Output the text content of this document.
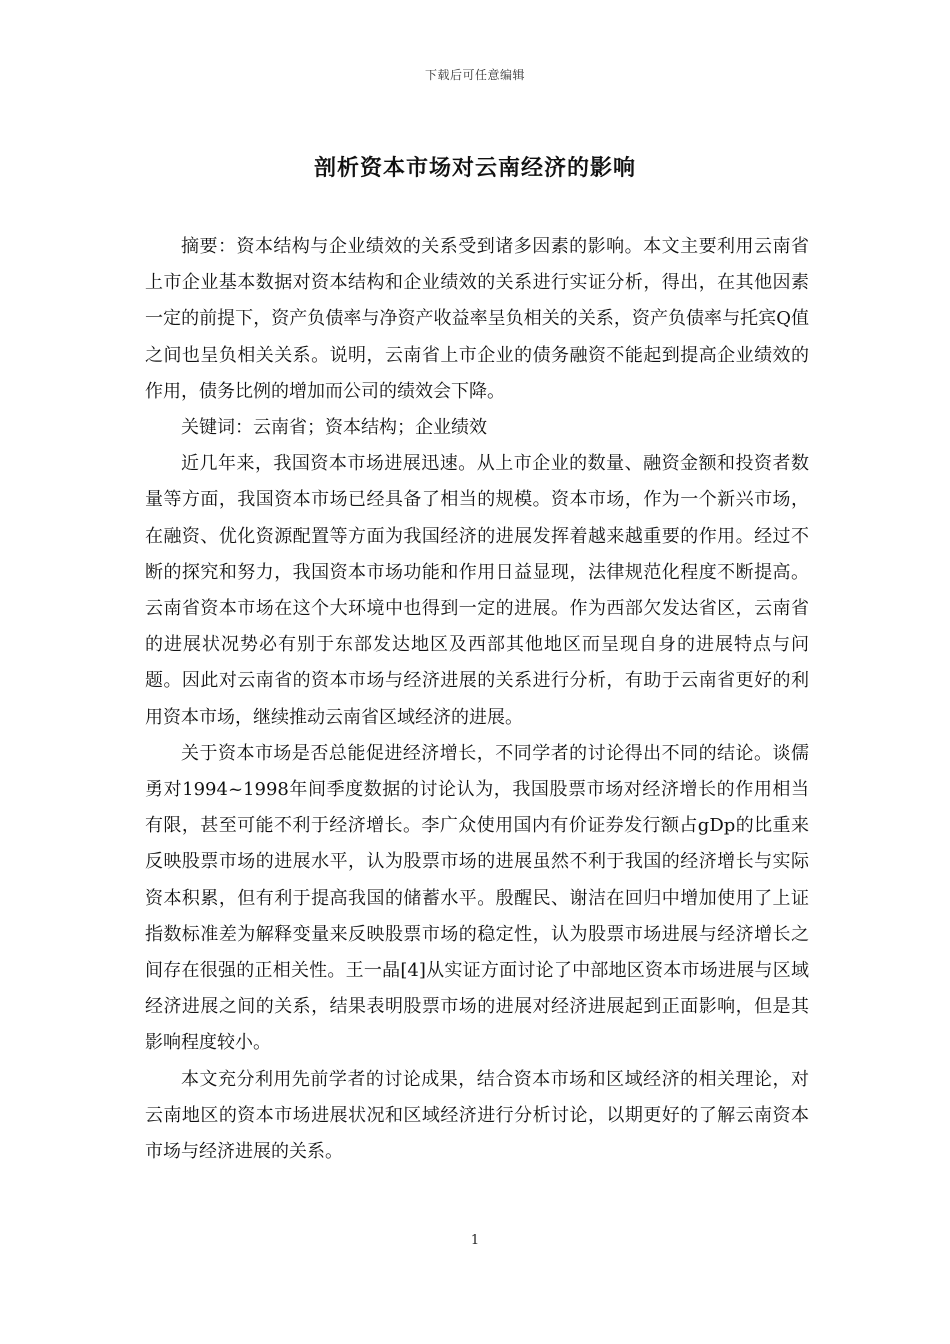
下载后可任意编辑
剖析资本市场对云南经济的影响

摘要：资本结构与企业绩效的关系受到诸多因素的影响。本文主要利用云南省上市企业基本数据对资本结构和企业绩效的关系进行实证分析，得出，在其他因素一定的前提下，资产负债率与净资产收益率呈负相关的关系，资产负债率与托宾Q值之间也呈负相关关系。说明，云南省上市企业的债务融资不能起到提高企业绩效的作用，债务比例的增加而公司的绩效会下降。

关键词：云南省；资本结构；企业绩效

近几年来，我国资本市场进展迅速。从上市企业的数量、融资金额和投资者数量等方面，我国资本市场已经具备了相当的规模。资本市场，作为一个新兴市场，在融资、优化资源配置等方面为我国经济的进展发挥着越来越重要的作用。经过不断的探究和努力，我国资本市场功能和作用日益显现，法律规范化程度不断提高。云南省资本市场在这个大环境中也得到一定的进展。作为西部欠发达省区，云南省的进展状况势必有别于东部发达地区及西部其他地区而呈现自身的进展特点与问题。因此对云南省的资本市场与经济进展的关系进行分析，有助于云南省更好的利用资本市场，继续推动云南省区域经济的进展。

关于资本市场是否总能促进经济增长，不同学者的讨论得出不同的结论。谈儒勇对1994~1998年间季度数据的讨论认为，我国股票市场对经济增长的作用相当有限，甚至可能不利于经济增长。李广众使用国内有价证券发行额占gDp的比重来反映股票市场的进展水平，认为股票市场的进展虽然不利于我国的经济增长与实际资本积累，但有利于提高我国的储蓄水平。殷醒民、谢洁在回归中增加使用了上证指数标准差为解释变量来反映股票市场的稳定性，认为股票市场进展与经济增长之间存在很强的正相关性。王一晶[4]从实证方面讨论了中部地区资本市场进展与区域经济进展之间的关系，结果表明股票市场的进展对经济进展起到正面影响，但是其影响程度较小。

本文充分利用先前学者的讨论成果，结合资本市场和区域经济的相关理论，对云南地区的资本市场进展状况和区域经济进行分析讨论，以期更好的了解云南资本市场与经济进展的关系。

1
